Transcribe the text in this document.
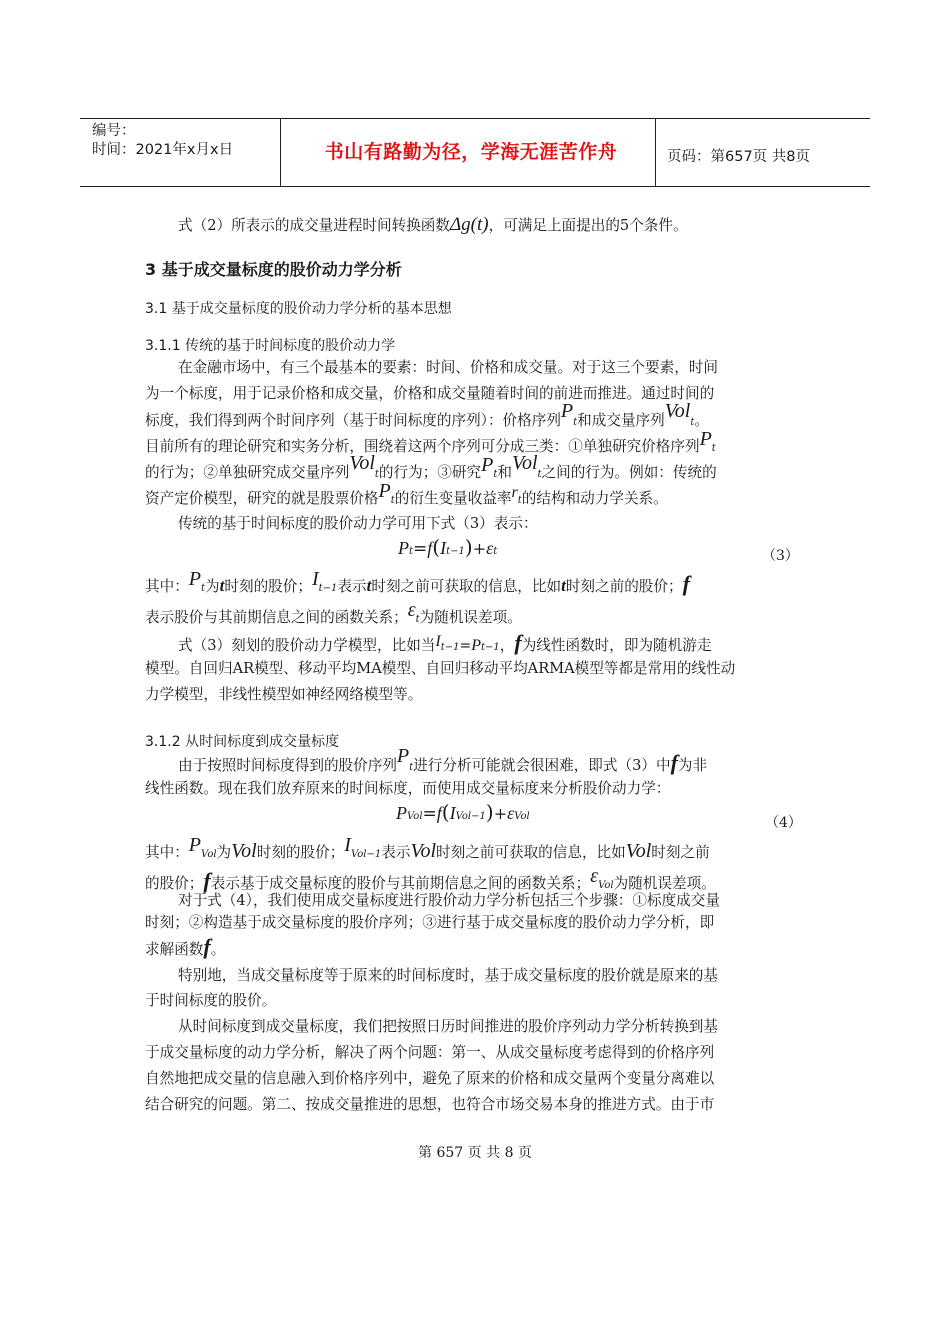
编号：
时间：2021年x月x日	书山有路勤为径，学海无涯苦作舟	页码：第657页 共8页
式（2）所表示的成交量进程时间转换函数Δg(t)，可满足上面提出的5个条件。
3 基于成交量标度的股价动力学分析
3.1 基于成交量标度的股价动力学分析的基本思想
3.1.1 传统的基于时间标度的股价动力学
在金融市场中，有三个最基本的要素：时间、价格和成交量。对于这三个要素，时间
为一个标度，用于记录价格和成交量，价格和成交量随着时间的前进而推进。通过时间的
标度，我们得到两个时间序列（基于时间标度的序列）：价格序列Pt和成交量序列Volt。
目前所有的理论研究和实务分析，围绕着这两个序列可分成三类：①单独研究价格序列Pt
的行为；②单独研究成交量序列Volt的行为；③研究Pt和Volt之间的行为。例如：传统的
资产定价模型，研究的就是股票价格Pt的衍生变量收益率rt的结构和动力学关系。
传统的基于时间标度的股价动力学可用下式（3）表示：
Pt=f(It−1)+εt	（3）
其中：Pt为t时刻的股价；It−1表示t时刻之前可获取的信息，比如t时刻之前的股价；f
表示股价与其前期信息之间的函数关系；εt为随机误差项。
式（3）刻划的股价动力学模型，比如当It−1=Pt−1，f为线性函数时，即为随机游走
模型。自回归AR模型、移动平均MA模型、自回归移动平均ARMA模型等都是常用的线性动
力学模型，非线性模型如神经网络模型等。
3.1.2 从时间标度到成交量标度
由于按照时间标度得到的股价序列Pt进行分析可能就会很困难，即式（3）中f为非
线性函数。现在我们放弃原来的时间标度，而使用成交量标度来分析股价动力学：
PVol=f(IVol−1)+εVol	（4）
其中：PVol为Vol时刻的股价；IVol−1表示Vol时刻之前可获取的信息，比如Vol时刻之前
的股价；f表示基于成交量标度的股价与其前期信息之间的函数关系；εVol为随机误差项。
对于式（4），我们使用成交量标度进行股价动力学分析包括三个步骤：①标度成交量
时刻；②构造基于成交量标度的股价序列；③进行基于成交量标度的股价动力学分析，即
求解函数f。
特别地，当成交量标度等于原来的时间标度时，基于成交量标度的股价就是原来的基
于时间标度的股价。
从时间标度到成交量标度，我们把按照日历时间推进的股价序列动力学分析转换到基
于成交量标度的动力学分析，解决了两个问题：第一、从成交量标度考虑得到的价格序列
自然地把成交量的信息融入到价格序列中，避免了原来的价格和成交量两个变量分离难以
结合研究的问题。第二、按成交量推进的思想，也符合市场交易本身的推进方式。由于市
第 657 页 共 8 页
